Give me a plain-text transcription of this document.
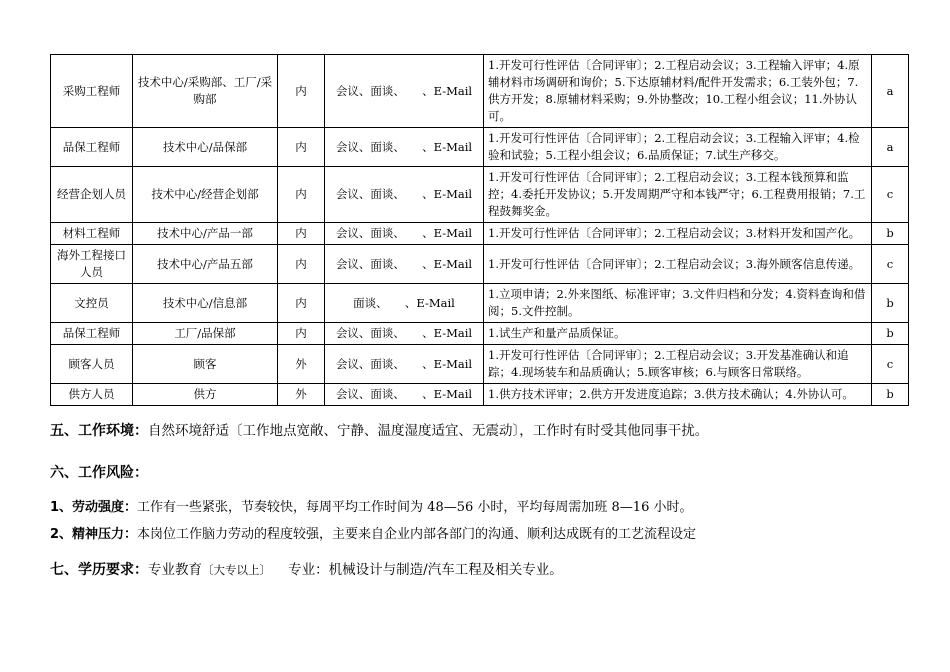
采购工程师	技术中心/采购部、工厂/采购部	内	会议、面谈、　　、E-Mail	1.开发可行性评估〔合同评审〕；2.工程启动会议；3.工程输入评审；4.原辅材料市场调研和询价；5.下达原辅材料/配件开发需求；6.工装外包；7.供方开发；8.原辅材料采购；9.外协整改；10.工程小组会议；11.外协认可。	a
品保工程师	技术中心/品保部	内	会议、面谈、　　、E-Mail	1.开发可行性评估〔合同评审〕；2.工程启动会议；3.工程输入评审；4.检验和试验；5.工程小组会议；6.品质保证；7.试生产移交。	a
经营企划人员	技术中心/经营企划部	内	会议、面谈、　　、E-Mail	1.开发可行性评估〔合同评审〕；2.工程启动会议；3.工程本钱预算和监控；4.委托开发协议；5.开发周期严守和本钱严守；6.工程费用报销；7.工程鼓舞奖金。	c
材料工程师	技术中心/产品一部	内	会议、面谈、　　、E-Mail	1.开发可行性评估〔合同评审〕；2.工程启动会议；3.材料开发和国产化。	b
海外工程接口人员	技术中心/产品五部	内	会议、面谈、　　、E-Mail	1.开发可行性评估〔合同评审〕；2.工程启动会议；3.海外顾客信息传递。	c
文控员	技术中心/信息部	内	面谈、　　、E-Mail	1.立项申请；2.外来图纸、标准评审；3.文件归档和分发；4.资料查询和借阅；5.文件控制。	b
品保工程师	工厂/品保部	内	会议、面谈、　　、E-Mail	1.试生产和量产品质保证。	b
顾客人员	顾客	外	会议、面谈、　　、E-Mail	1.开发可行性评估〔合同评审〕；2.工程启动会议；3.开发基准确认和追踪；4.现场装车和品质确认；5.顾客审核；6.与顾客日常联络。	c
供方人员	供方	外	会议、面谈、　　、E-Mail	1.供方技术评审；2.供方开发进度追踪；3.供方技术确认；4.外协认可。	b
五、工作环境：自然环境舒适〔工作地点宽敞、宁静、温度湿度适宜、无震动〕，工作时有时受其他同事干扰。
六、工作风险：
1、劳动强度：工作有一些紧张，节奏较快，每周平均工作时间为 48—56 小时，平均每周需加班 8—16 小时。
2、精神压力：本岗位工作脑力劳动的程度较强，主要来自企业内部各部门的沟通、顺利达成既有的工艺流程设定
七、学历要求：专业教育〔大专以上〕 专业：机械设计与制造/汽车工程及相关专业。
